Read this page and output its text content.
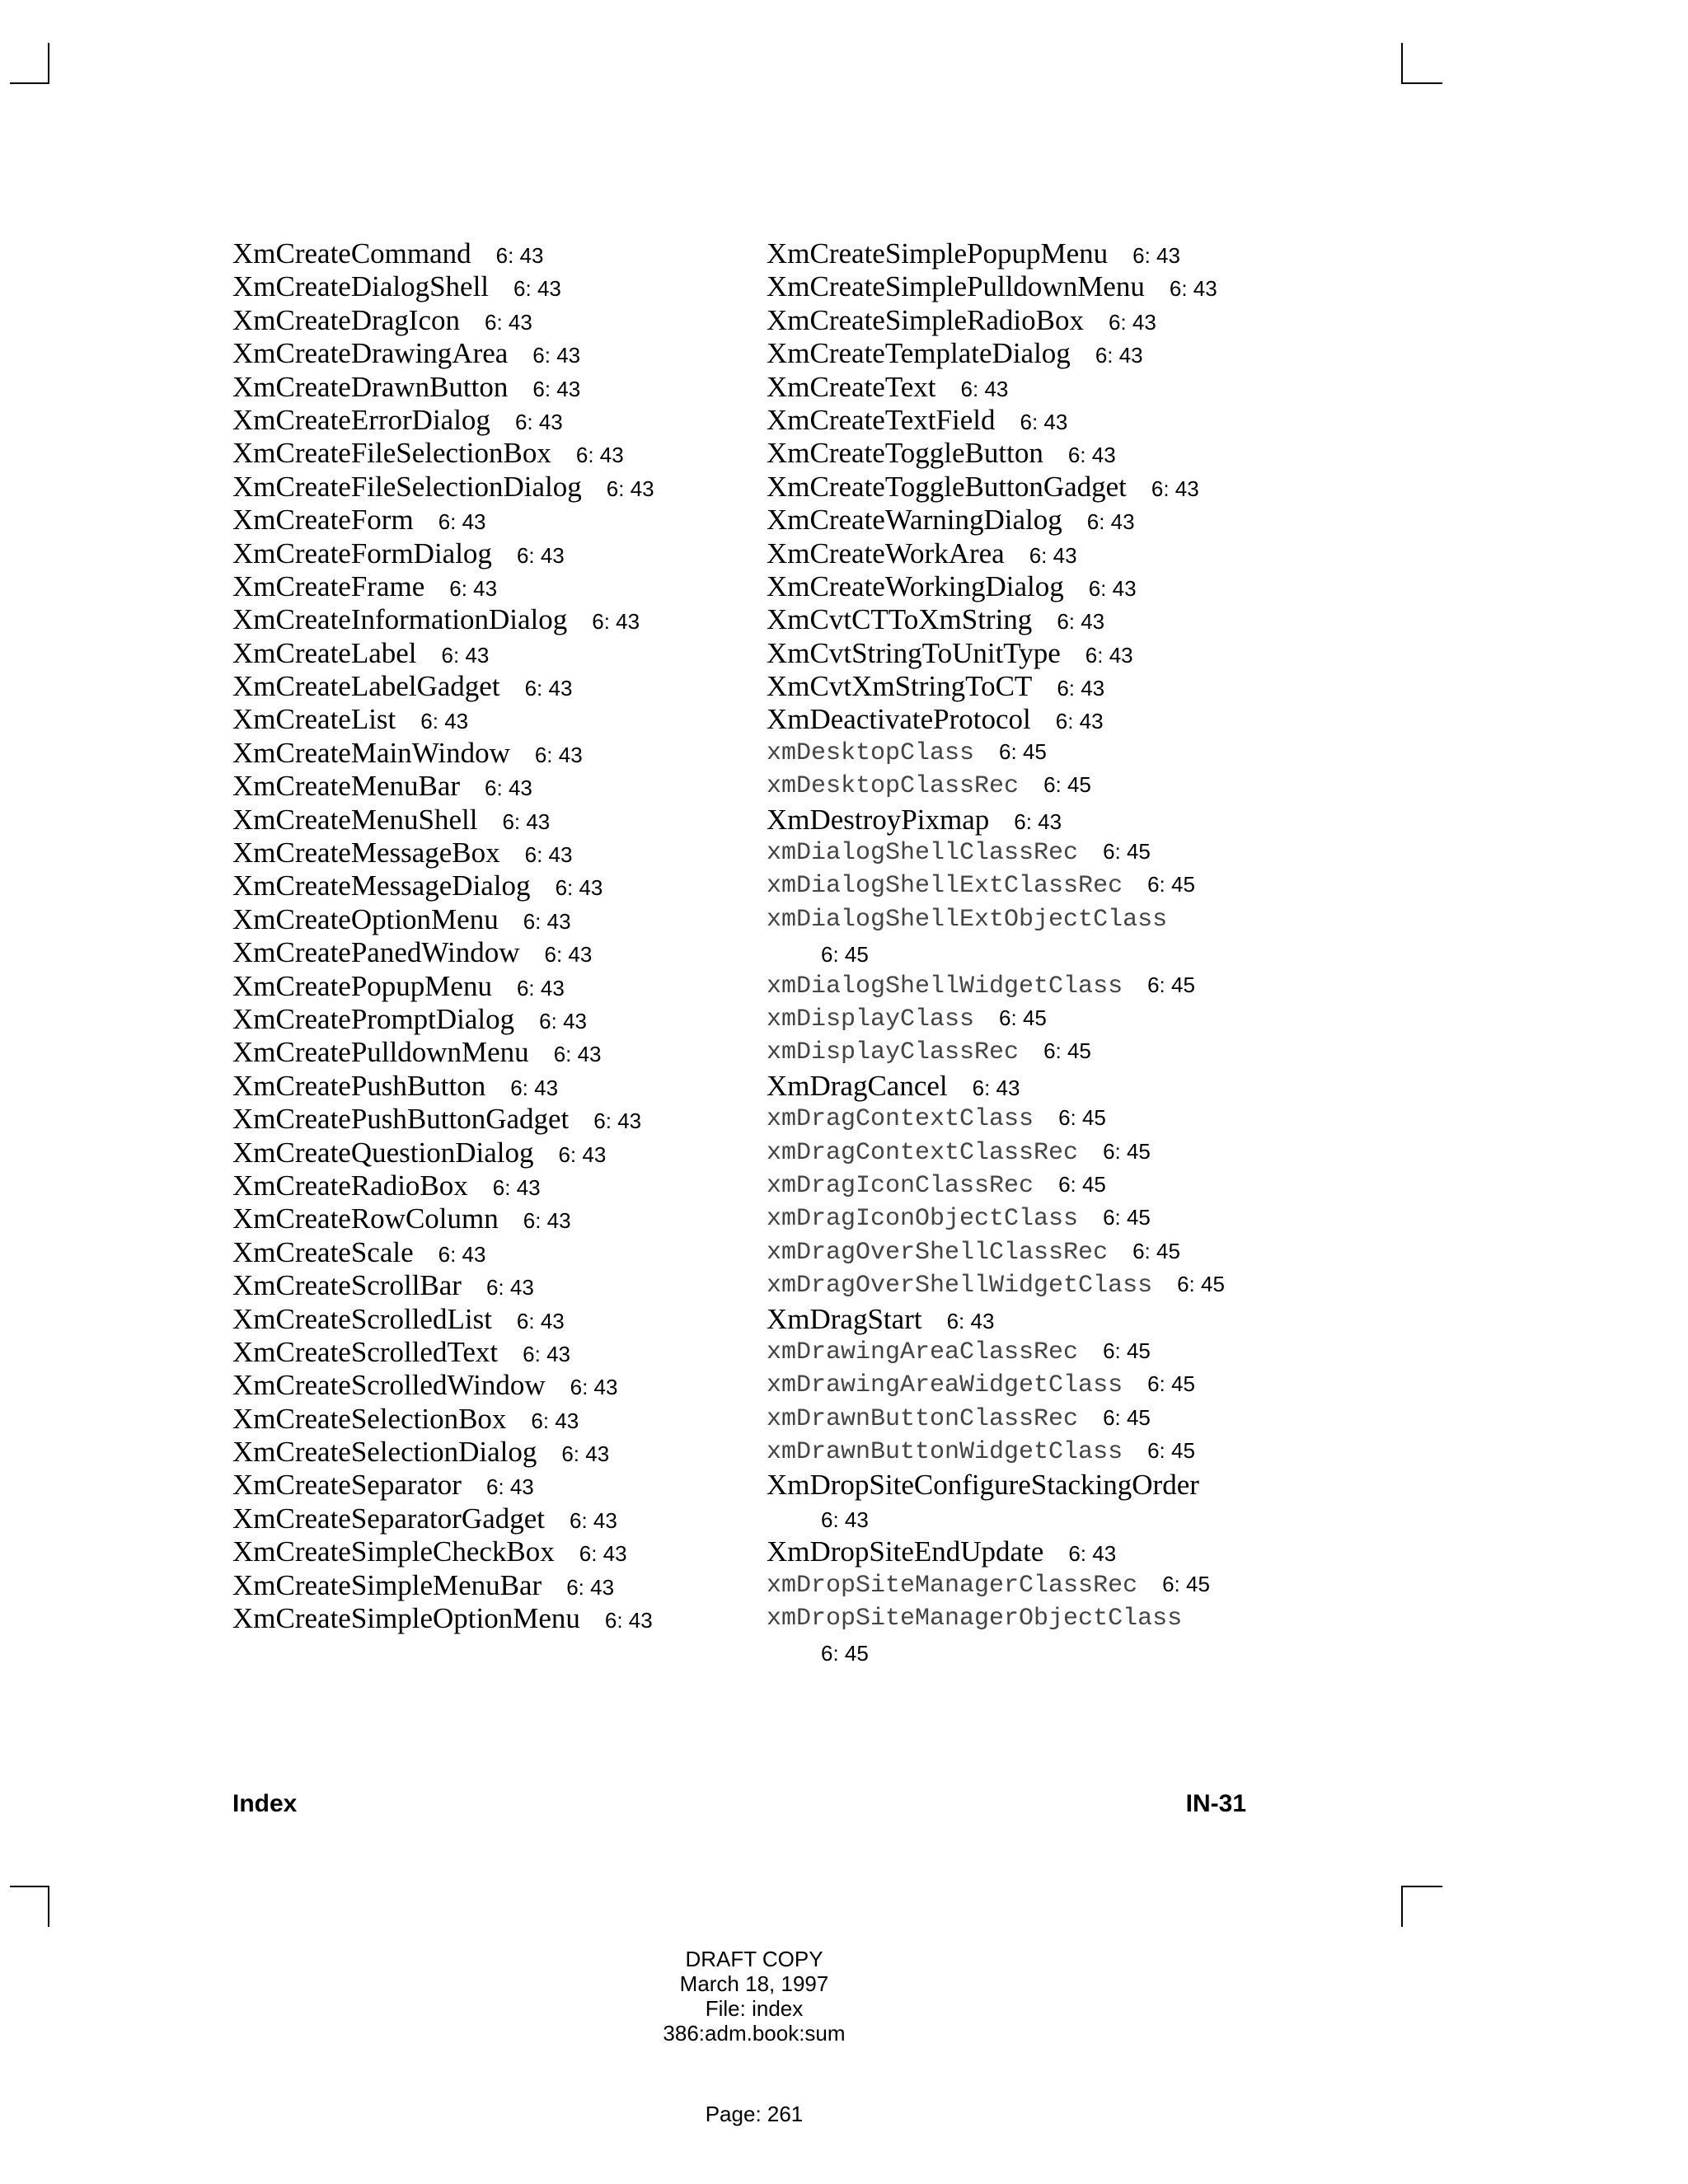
XmCreateCommand 6: 43
XmCreateDialogShell 6: 43
XmCreateDragIcon 6: 43
XmCreateDrawingArea 6: 43
XmCreateDrawnButton 6: 43
XmCreateErrorDialog 6: 43
XmCreateFileSelectionBox 6: 43
XmCreateFileSelectionDialog 6: 43
XmCreateForm 6: 43
XmCreateFormDialog 6: 43
XmCreateFrame 6: 43
XmCreateInformationDialog 6: 43
XmCreateLabel 6: 43
XmCreateLabelGadget 6: 43
XmCreateList 6: 43
XmCreateMainWindow 6: 43
XmCreateMenuBar 6: 43
XmCreateMenuShell 6: 43
XmCreateMessageBox 6: 43
XmCreateMessageDialog 6: 43
XmCreateOptionMenu 6: 43
XmCreatePanedWindow 6: 43
XmCreatePopupMenu 6: 43
XmCreatePromptDialog 6: 43
XmCreatePulldownMenu 6: 43
XmCreatePushButton 6: 43
XmCreatePushButtonGadget 6: 43
XmCreateQuestionDialog 6: 43
XmCreateRadioBox 6: 43
XmCreateRowColumn 6: 43
XmCreateScale 6: 43
XmCreateScrollBar 6: 43
XmCreateScrolledList 6: 43
XmCreateScrolledText 6: 43
XmCreateScrolledWindow 6: 43
XmCreateSelectionBox 6: 43
XmCreateSelectionDialog 6: 43
XmCreateSeparator 6: 43
XmCreateSeparatorGadget 6: 43
XmCreateSimpleCheckBox 6: 43
XmCreateSimpleMenuBar 6: 43
XmCreateSimpleOptionMenu 6: 43
XmCreateSimplePopupMenu 6: 43
XmCreateSimplePulldownMenu 6: 43
XmCreateSimpleRadioBox 6: 43
XmCreateTemplateDialog 6: 43
XmCreateText 6: 43
XmCreateTextField 6: 43
XmCreateToggleButton 6: 43
XmCreateToggleButtonGadget 6: 43
XmCreateWarningDialog 6: 43
XmCreateWorkArea 6: 43
XmCreateWorkingDialog 6: 43
XmCvtCTToXmString 6: 43
XmCvtStringToUnitType 6: 43
XmCvtXmStringToCT 6: 43
XmDeactivateProtocol 6: 43
xmDesktopClass 6: 45
xmDesktopClassRec 6: 45
XmDestroyPixmap 6: 43
xmDialogShellClassRec 6: 45
xmDialogShellExtClassRec 6: 45
xmDialogShellExtObjectClass
6: 45
xmDialogShellWidgetClass 6: 45
xmDisplayClass 6: 45
xmDisplayClassRec 6: 45
XmDragCancel 6: 43
xmDragContextClass 6: 45
xmDragContextClassRec 6: 45
xmDragIconClassRec 6: 45
xmDragIconObjectClass 6: 45
xmDragOverShellClassRec 6: 45
xmDragOverShellWidgetClass 6: 45
XmDragStart 6: 43
xmDrawingAreaClassRec 6: 45
xmDrawingAreaWidgetClass 6: 45
xmDrawnButtonClassRec 6: 45
xmDrawnButtonWidgetClass 6: 45
XmDropSiteConfigureStackingOrder
6: 43
XmDropSiteEndUpdate 6: 43
xmDropSiteManagerClassRec 6: 45
xmDropSiteManagerObjectClass
6: 45
Index	IN-31
DRAFT COPY
March 18, 1997
File: index
386:adm.book:sum
Page: 261
